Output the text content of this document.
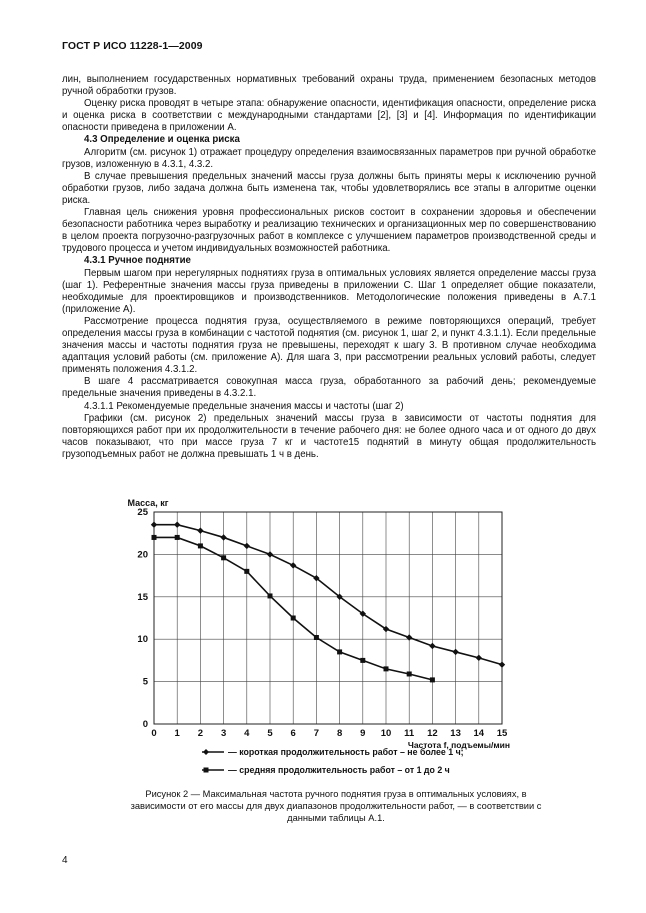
ГОСТ Р ИСО 11228-1—2009

лин, выполнением государственных нормативных требований охраны труда, применением безопасных методов ручной обработки грузов.

Оценку риска проводят в четыре этапа: обнаружение опасности, идентификация опасности, определение риска и оценка риска в соответствии с международными стандартами [2], [3] и [4]. Информация по идентификации опасности приведена в приложении А.

4.3 Определение и оценка риска

Алгоритм (см. рисунок 1) отражает процедуру определения взаимосвязанных параметров при ручной обработке грузов, изложенную в 4.3.1, 4.3.2.

В случае превышения предельных значений массы груза должны быть приняты меры к исключению ручной обработки грузов, либо задача должна быть изменена так, чтобы удовлетворялись все этапы в алгоритме оценки риска.

Главная цель снижения уровня профессиональных рисков состоит в сохранении здоровья и обеспечении безопасности работника через выработку и реализацию технических и организационных мер по совершенствованию в целом проекта погрузочно-разгрузочных работ в комплексе с улучшением параметров производственной среды и трудового процесса и учетом индивидуальных возможностей работника.

4.3.1 Ручное поднятие

Первым шагом при нерегулярных поднятиях груза в оптимальных условиях является определение массы груза (шаг 1). Референтные значения массы груза приведены в приложении С. Шаг 1 определяет общие показатели, необходимые для проектировщиков и производственников. Методологические положения приведены в А.7.1 (приложение А).

Рассмотрение процесса поднятия груза, осуществляемого в режиме повторяющихся операций, требует определения массы груза в комбинации с частотой поднятия (см. рисунок 1, шаг 2, и пункт 4.3.1.1). Если предельные значения массы и частоты поднятия груза не превышены, переходят к шагу 3. В противном случае необходима адаптация условий работы (см. приложение А). Для шага 3, при рассмотрении реальных условий работы, следует применять положения 4.3.1.2.

В шаге 4 рассматривается совокупная масса груза, обработанного за рабочий день; рекомендуемые предельные значения приведены в 4.3.2.1.

4.3.1.1 Рекомендуемые предельные значения массы и частоты (шаг 2)

Графики (см. рисунок 2) предельных значений массы груза в зависимости от частоты поднятия для повторяющихся работ при их продолжительности в течение рабочего дня: не более одного часа и от одного до двух часов показывают, что при массе груза 7 кг и частоте15 поднятий в минуту общая продолжительность грузоподъемных работ не должна превышать 1 ч в день.

0 1 2 3 4 5 6 7 8 9 10 11 12 13 14 15
0
5
10
15
20
25
Масса, кг
Частота f, подъемы/мин
— короткая продолжительность работ – не более 1 ч;
— средняя продолжительность работ – от 1 до 2 ч
Рисунок 2 — Максимальная частота ручного поднятия груза в оптимальных условиях, в зависимости от его массы для двух диапазонов продолжительности работ, — в соответствии с данными таблицы А.1.
4
